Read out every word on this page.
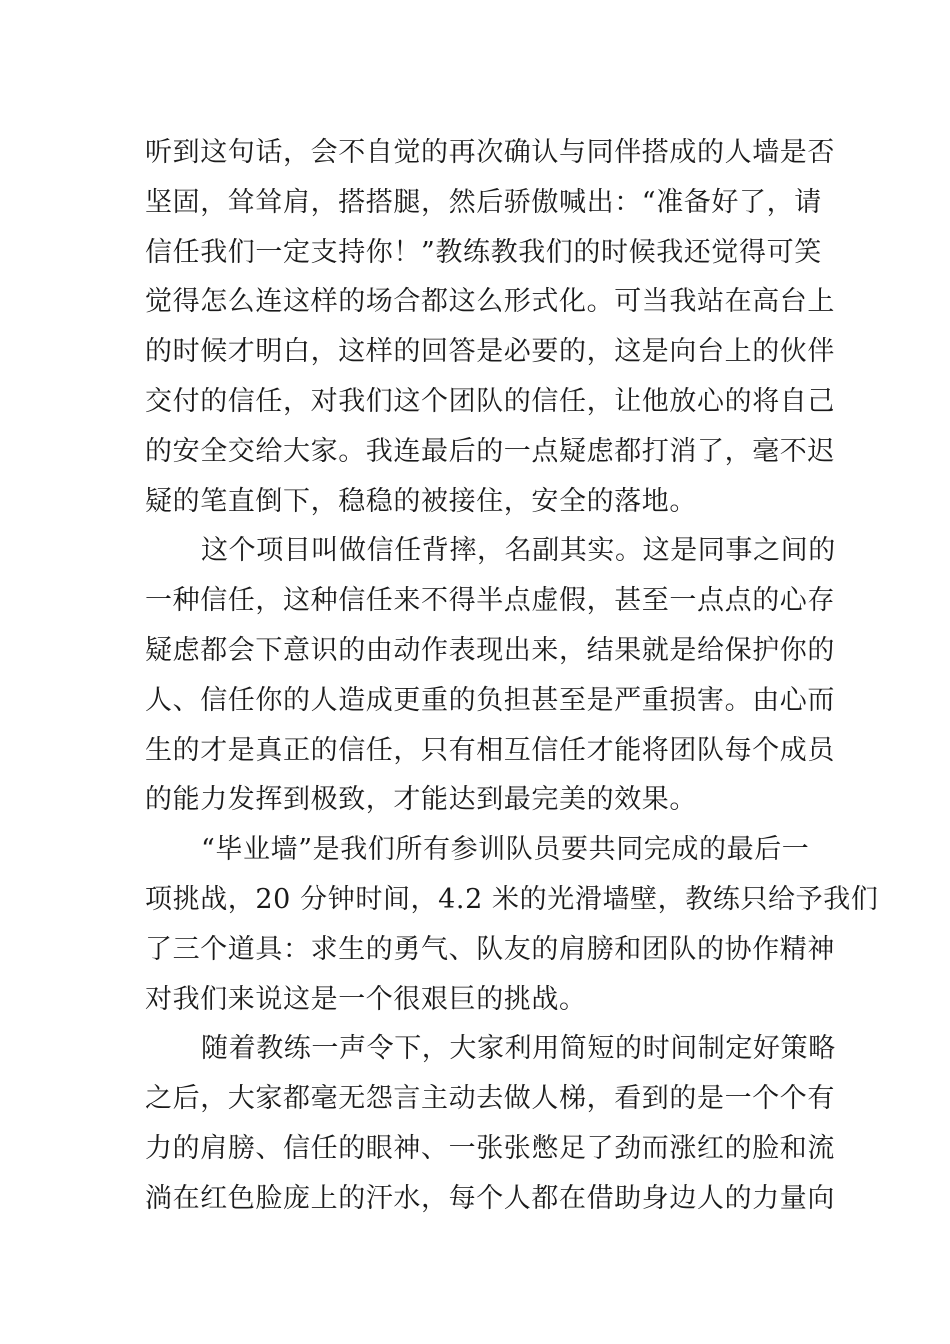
听到这句话，会不自觉的再次确认与同伴搭成的人墙是否
坚固，耸耸肩，搭搭腿，然后骄傲喊出：“准备好了，请
信任我们一定支持你！”教练教我们的时候我还觉得可笑
觉得怎么连这样的场合都这么形式化。可当我站在高台上
的时候才明白，这样的回答是必要的，这是向台上的伙伴
交付的信任，对我们这个团队的信任，让他放心的将自己
的安全交给大家。我连最后的一点疑虑都打消了，毫不迟
疑的笔直倒下，稳稳的被接住，安全的落地。
这个项目叫做信任背摔，名副其实。这是同事之间的
一种信任，这种信任来不得半点虚假，甚至一点点的心存
疑虑都会下意识的由动作表现出来，结果就是给保护你的
人、信任你的人造成更重的负担甚至是严重损害。由心而
生的才是真正的信任，只有相互信任才能将团队每个成员
的能力发挥到极致，才能达到最完美的效果。
“毕业墙”是我们所有参训队员要共同完成的最后一
项挑战，20 分钟时间，4.2 米的光滑墙壁，教练只给予我们
了三个道具：求生的勇气、队友的肩膀和团队的协作精神
对我们来说这是一个很艰巨的挑战。
随着教练一声令下，大家利用简短的时间制定好策略
之后，大家都毫无怨言主动去做人梯，看到的是一个个有
力的肩膀、信任的眼神、一张张憋足了劲而涨红的脸和流
淌在红色脸庞上的汗水，每个人都在借助身边人的力量向
